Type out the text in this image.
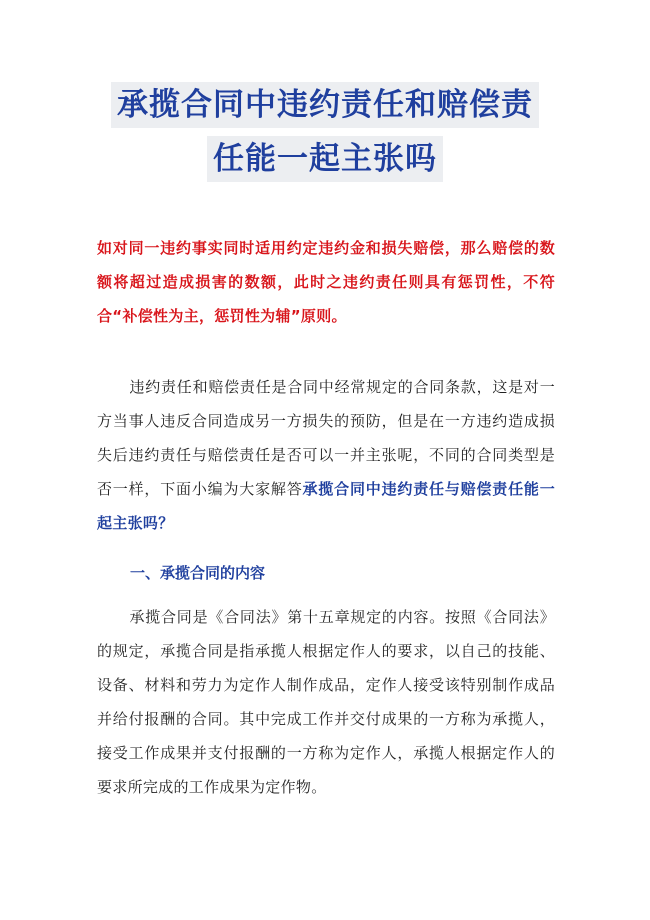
承揽合同中违约责任和赔偿责
任能一起主张吗
如对同一违约事实同时适用约定违约金和损失赔偿，那么赔偿的数额将超过造成损害的数额，此时之违约责任则具有惩罚性，不符合“补偿性为主，惩罚性为辅”原则。
违约责任和赔偿责任是合同中经常规定的合同条款，这是对一方当事人违反合同造成另一方损失的预防，但是在一方违约造成损失后违约责任与赔偿责任是否可以一并主张呢，不同的合同类型是否一样，下面小编为大家解答承揽合同中违约责任与赔偿责任能一起主张吗？
一、承揽合同的内容
承揽合同是《合同法》第十五章规定的内容。按照《合同法》的规定，承揽合同是指承揽人根据定作人的要求，以自己的技能、设备、材料和劳力为定作人制作成品，定作人接受该特别制作成品并给付报酬的合同。其中完成工作并交付成果的一方称为承揽人，接受工作成果并支付报酬的一方称为定作人，承揽人根据定作人的要求所完成的工作成果为定作物。
